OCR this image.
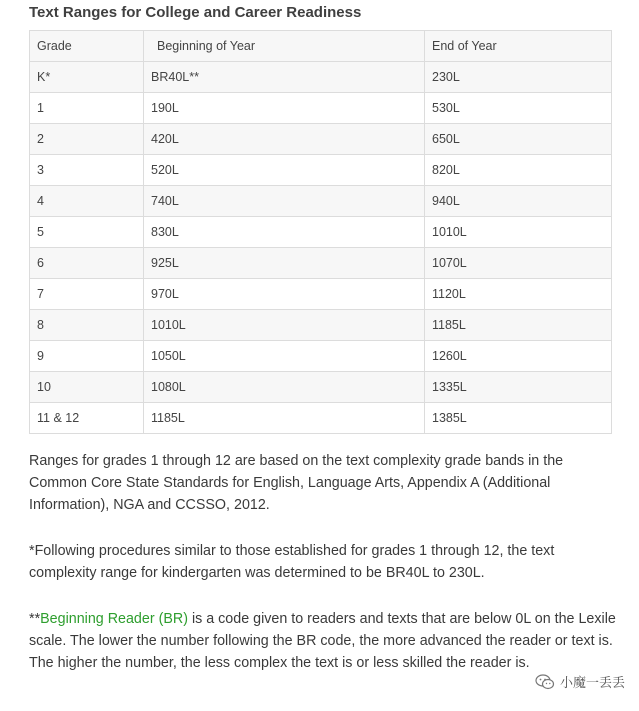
Text Ranges for College and Career Readiness
Grade	Beginning of Year	End of Year
K*	BR40L**	230L
1	190L	530L
2	420L	650L
3	520L	820L
4	740L	940L
5	830L	1010L
6	925L	1070L
7	970L	1120L
8	1010L	1185L
9	1050L	1260L
10	1080L	1335L
11 & 12	1185L	1385L

Ranges for grades 1 through 12 are based on the text complexity grade bands in the Common Core State Standards for English, Language Arts, Appendix A (Additional Information), NGA and CCSSO, 2012.

*Following procedures similar to those established for grades 1 through 12, the text complexity range for kindergarten was determined to be BR40L to 230L.

**Beginning Reader (BR) is a code given to readers and texts that are below 0L on the Lexile scale. The lower the number following the BR code, the more advanced the reader or text is. The higher the number, the less complex the text is or less skilled the reader is.

小魔一丢丢
